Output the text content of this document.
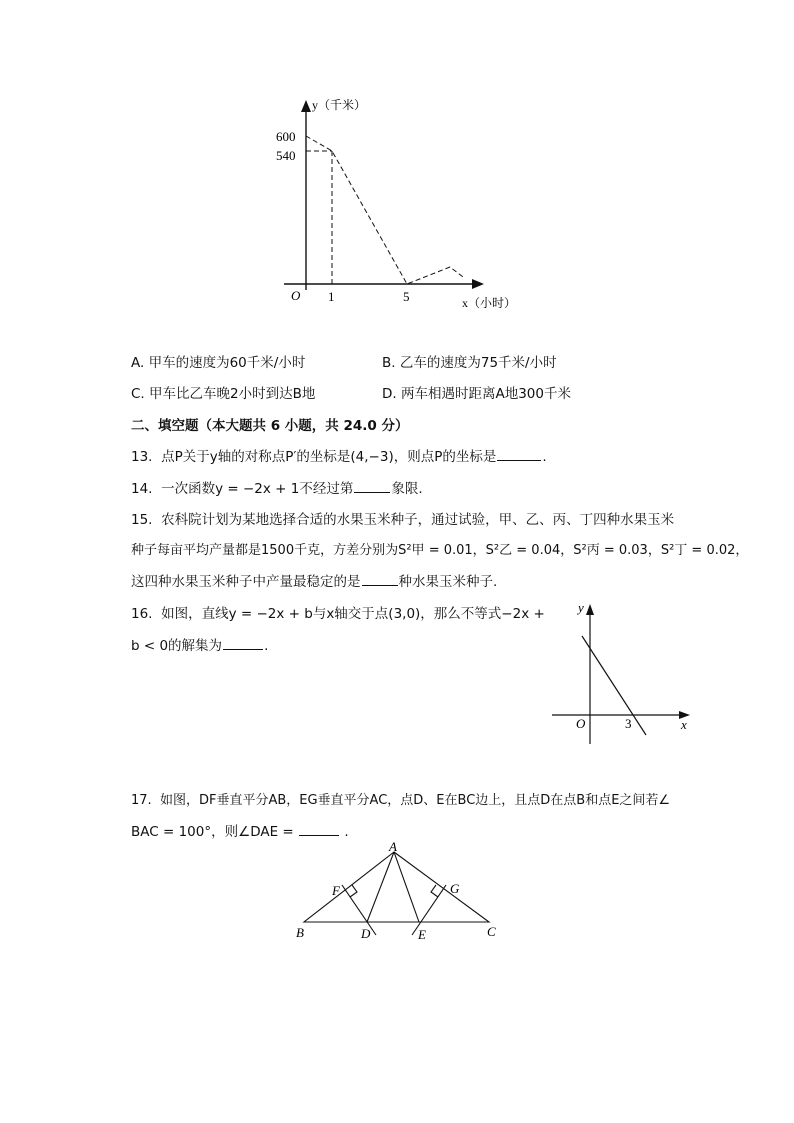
y（千米）
x（小时）
O
600
540
1	5
A. 甲车的速度为60千米/小时	B. 乙车的速度为75千米/小时
C. 甲车比乙车晚2小时到达B地	D. 两车相遇时距离A地300千米
二、填空题（本大题共 6 小题，共 24.0 分）
13. 点P关于y轴的对称点P′的坐标是(4,−3)，则点P的坐标是	.
14. 一次函数y = −2x + 1不经过第	象限.
15. 农科院计划为某地选择合适的水果玉米种子，通过试验，甲、乙、丙、丁四种水果玉米
种子每亩平均产量都是1500千克，方差分别为S²甲 = 0.01，S²乙 = 0.04，S²丙 = 0.03，S²丁 = 0.02，
这四种水果玉米种子中产量最稳定的是	种水果玉米种子.
16. 如图，直线y = −2x + b与x轴交于点(3,0)，那么不等式−2x +
b < 0的解集为	.
y
x
O	3
17. 如图，DF垂直平分AB，EG垂直平分AC，点D、E在BC边上，且点D在点B和点E之间若∠
BAC = 100°，则∠DAE =	.
A
B	C
D	E
F	G
